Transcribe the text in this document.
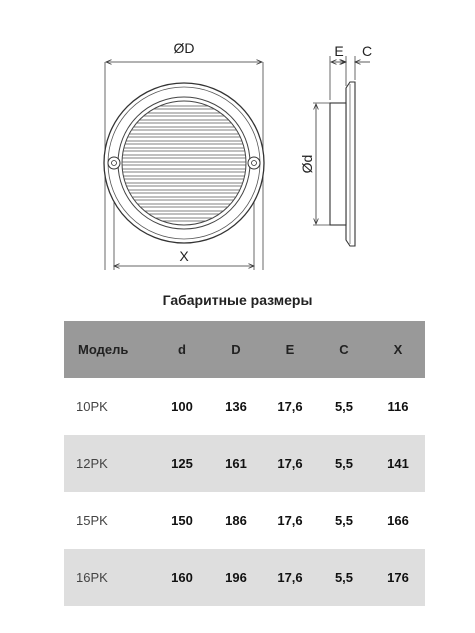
ØD
X
E C
Ød
Габаритные размеры
Модель	d	D	E	C	X
10PK	100	136	17,6	5,5	116
12PK	125	161	17,6	5,5	141
15PK	150	186	17,6	5,5	166
16PK	160	196	17,6	5,5	176
